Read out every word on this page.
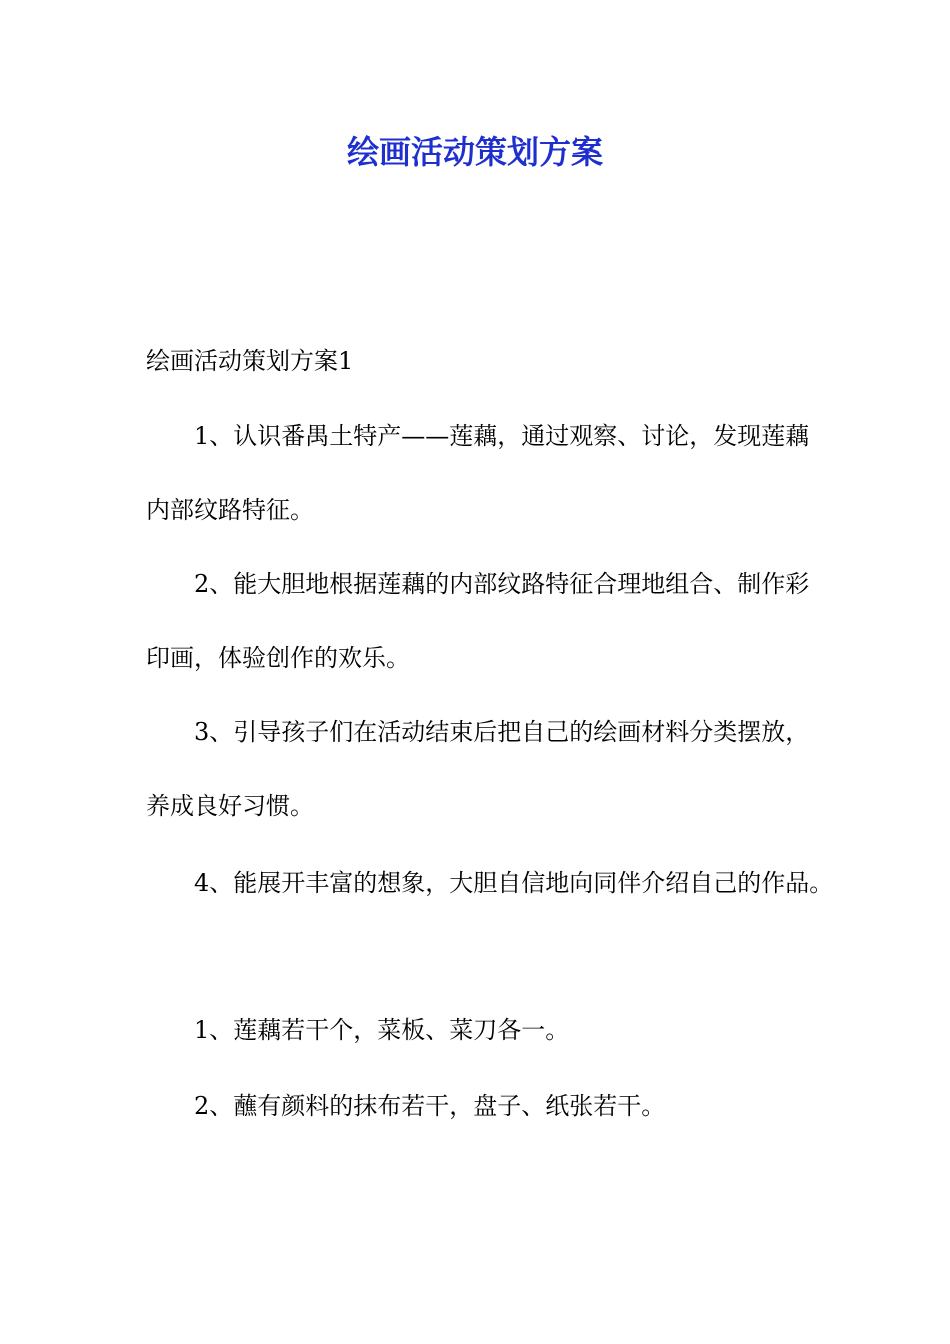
绘画活动策划方案

绘画活动策划方案1

1、认识番禺土特产——莲藕，通过观察、讨论，发现莲藕

内部纹路特征。

2、能大胆地根据莲藕的内部纹路特征合理地组合、制作彩

印画，体验创作的欢乐。

3、引导孩子们在活动结束后把自己的绘画材料分类摆放，

养成良好习惯。

4、能展开丰富的想象，大胆自信地向同伴介绍自己的作品。

1、莲藕若干个，菜板、菜刀各一。

2、蘸有颜料的抹布若干，盘子、纸张若干。
